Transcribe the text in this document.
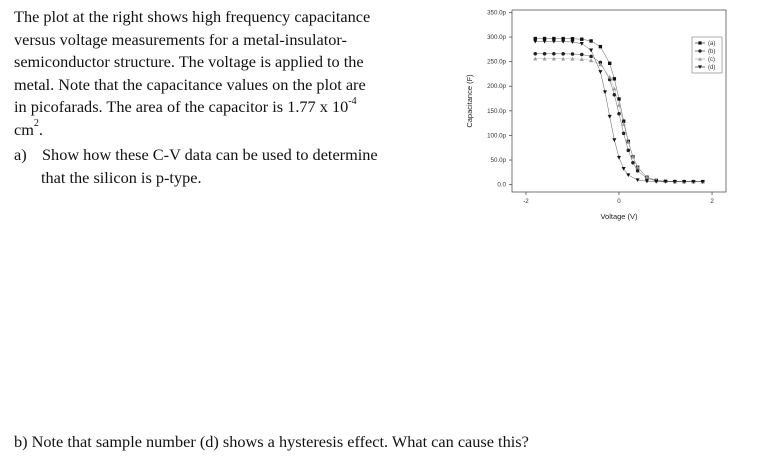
The plot at the right shows high frequency capacitance

versus voltage measurements for a metal-insulator-

semiconductor structure. The voltage is applied to the

metal. Note that the capacitance values on the plot are

in picofarads. The area of the capacitor is 1.77 x $10^{-4}$

$cm^2$.

a) Show how these C-V data can be used to determine
that the silicon is p-type.
b) Note that sample number (d) shows a hysteresis effect. What can cause this?
0.0
50.0p
100.0p
150.0p
200.0p
250.0p
300.0p
350.0p
-2	0	2
Voltage (V)
Capacitance (F)
(a)
(b)
(c)
(d)
